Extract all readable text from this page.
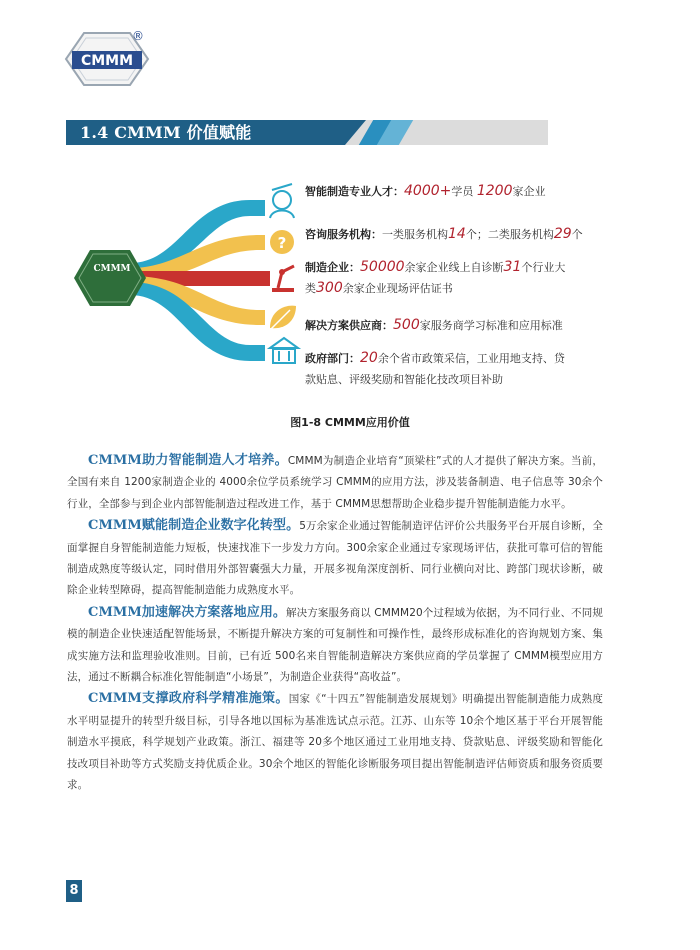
CMMM
®
1.4 CMMM 价值赋能
?
CMMM
智能制造专业人才：4000+学员 1200家企业
咨询服务机构：一类服务机构14个；二类服务机构29个
制造企业：50000余家企业线上自诊断31个行业大
类300余家企业现场评估证书
解决方案供应商：500家服务商学习标准和应用标准
政府部门：20余个省市政策采信，工业用地支持、贷
款贴息、评级奖励和智能化技改项目补助
图1-8 CMMM应用价值

CMMM助力智能制造人才培养。CMMM为制造企业培育“顶梁柱”式的人才提供了解决方案。当前，全国有来自 1200家制造企业的 4000余位学员系统学习 CMMM的应用方法，涉及装备制造、电子信息等 30余个行业，全部参与到企业内部智能制造过程改进工作，基于 CMMM思想帮助企业稳步提升智能制造能力水平。

CMMM赋能制造企业数字化转型。5万余家企业通过智能制造评估评价公共服务平台开展自诊断，全面掌握自身智能制造能力短板，快速找准下一步发力方向。300余家企业通过专家现场评估，获批可靠可信的智能制造成熟度等级认定，同时借用外部智囊强大力量，开展多视角深度剖析、同行业横向对比、跨部门现状诊断，破除企业转型障碍，提高智能制造能力成熟度水平。

CMMM加速解决方案落地应用。解决方案服务商以 CMMM20个过程域为依据，为不同行业、不同规模的制造企业快速适配智能场景，不断提升解决方案的可复制性和可操作性，最终形成标准化的咨询规划方案、集成实施方法和监理验收准则。目前，已有近 500名来自智能制造解决方案供应商的学员掌握了 CMMM模型应用方法，通过不断耦合标准化智能制造“小场景”，为制造企业获得“高收益”。

CMMM支撑政府科学精准施策。国家《“十四五”智能制造发展规划》明确提出智能制造能力成熟度水平明显提升的转型升级目标，引导各地以国标为基准选试点示范。江苏、山东等 10余个地区基于平台开展智能制造水平摸底，科学规划产业政策。浙江、福建等 20多个地区通过工业用地支持、贷款贴息、评级奖励和智能化技改项目补助等方式奖励支持优质企业。30余个地区的智能化诊断服务项目提出智能制造评估师资质和服务资质要求。

8
